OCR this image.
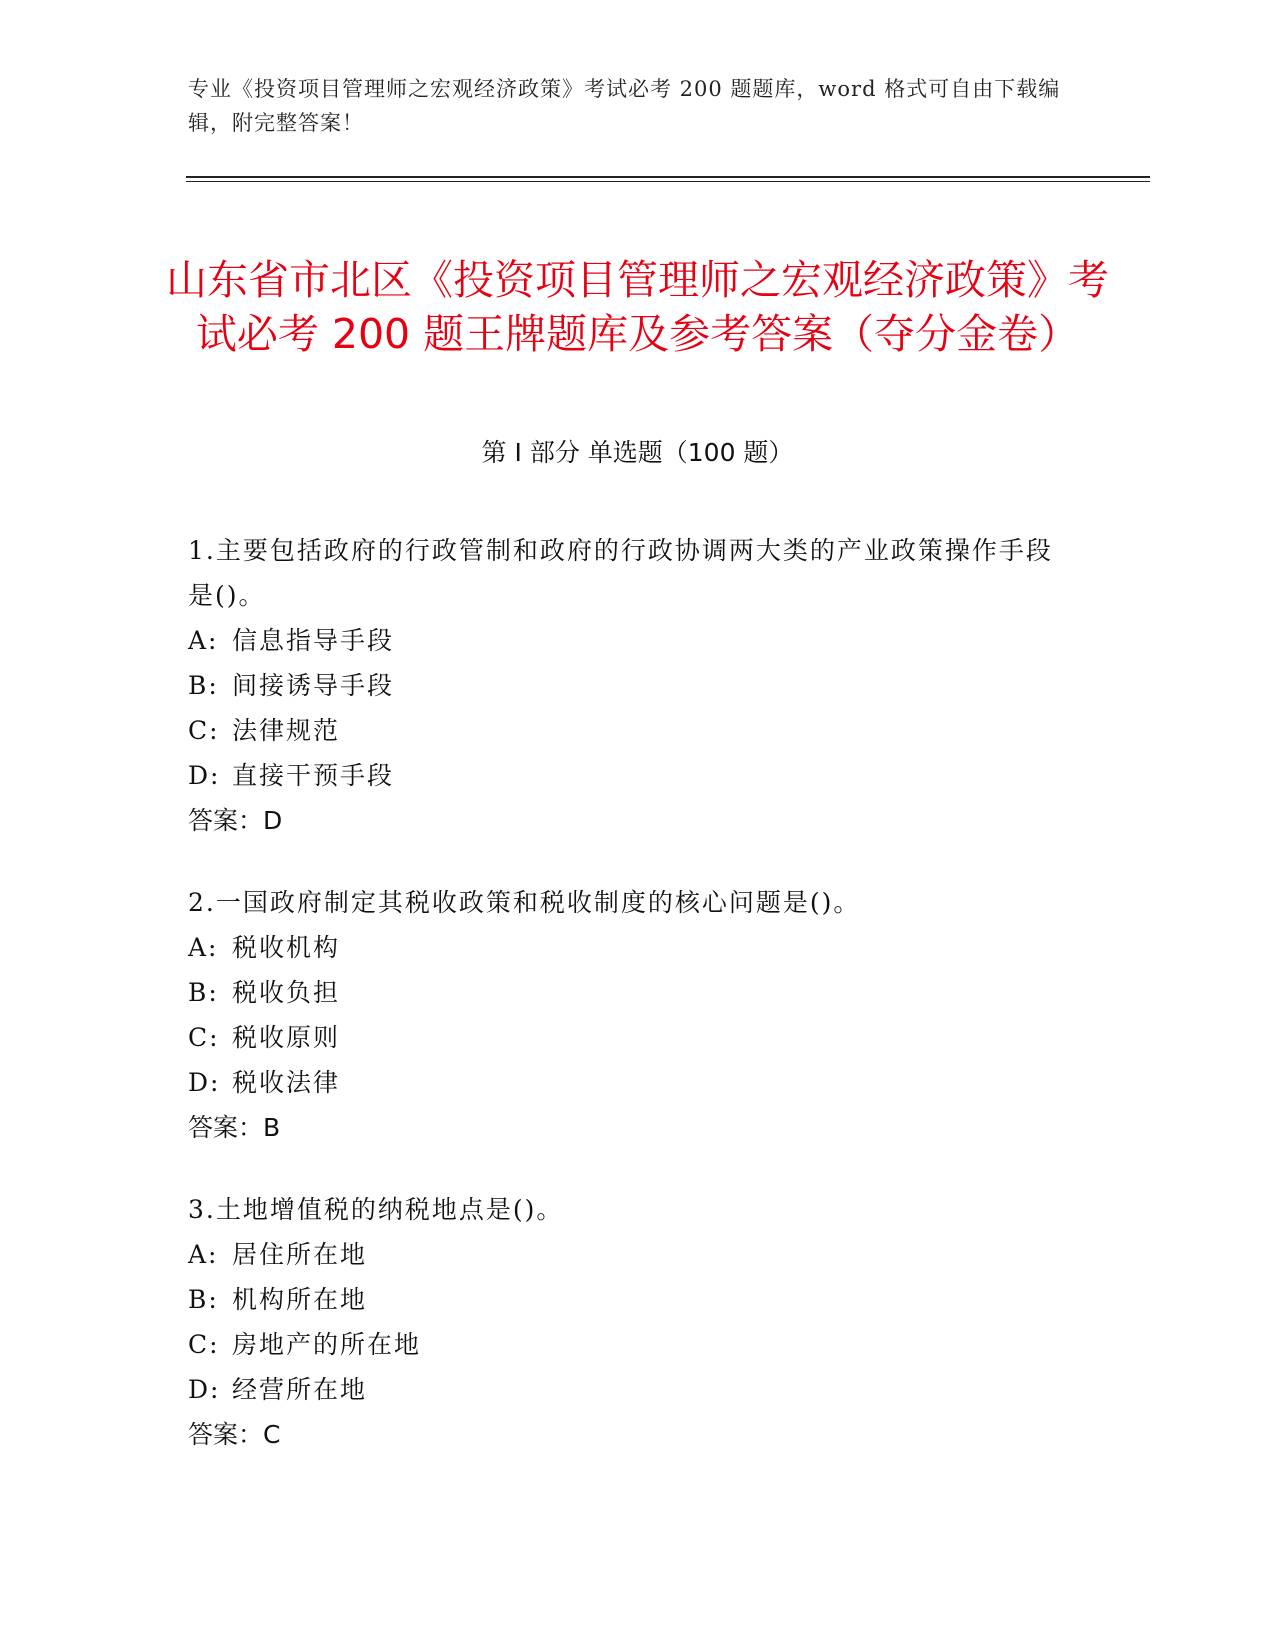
专业《投资项目管理师之宏观经济政策》考试必考 200 题题库，word 格式可自由下载编辑，附完整答案！
山东省市北区《投资项目管理师之宏观经济政策》考试必考 200 题王牌题库及参考答案（夺分金卷）
第 I 部分 单选题（100 题）

1.主要包括政府的行政管制和政府的行政协调两大类的产业政策操作手段是()。

A: 信息指导手段

B: 间接诱导手段

C: 法律规范

D: 直接干预手段

答案：D

2.一国政府制定其税收政策和税收制度的核心问题是()。

A: 税收机构

B: 税收负担

C: 税收原则

D: 税收法律

答案：B

3.土地增值税的纳税地点是()。

A: 居住所在地

B: 机构所在地

C: 房地产的所在地

D: 经营所在地

答案：C
